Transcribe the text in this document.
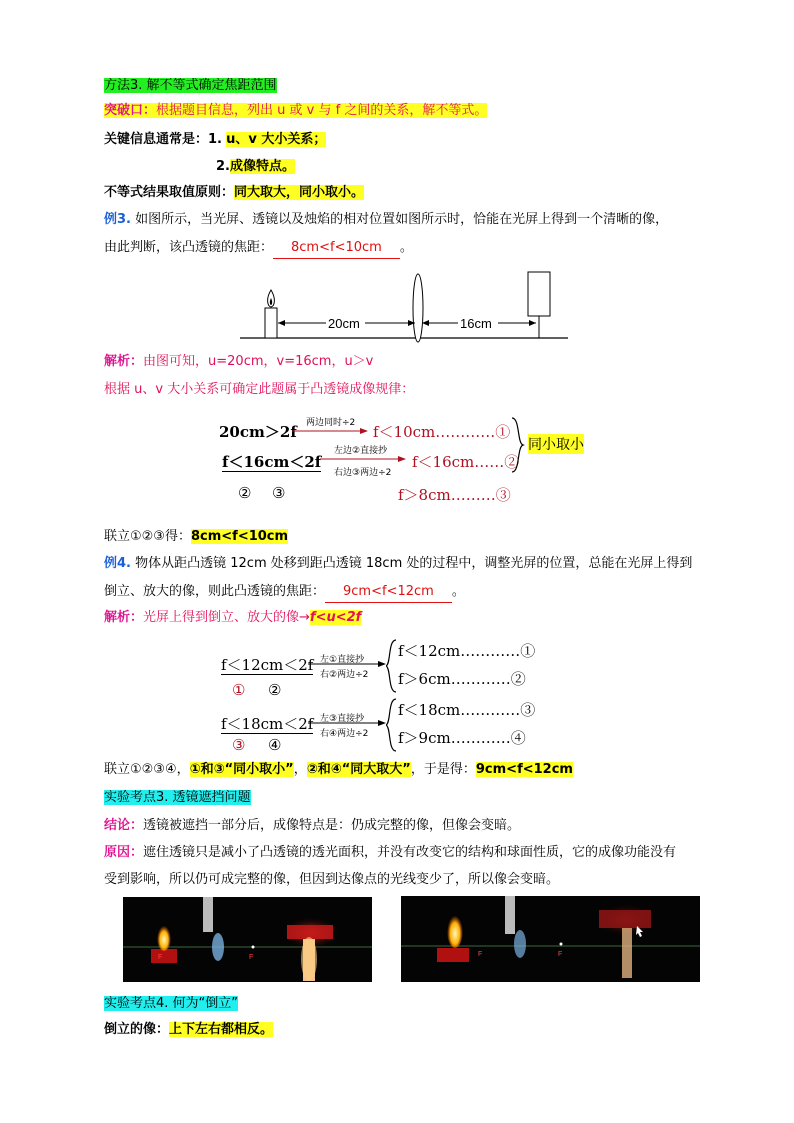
方法3. 解不等式确定焦距范围
突破口：根据题目信息，列出 u 或 v 与 f 之间的关系，解不等式。
关键信息通常是：1. u、v 大小关系；
2.成像特点。
不等式结果取值原则：同大取大，同小取小。
例3. 如图所示，当光屏、透镜以及烛焰的相对位置如图所示时，恰能在光屏上得到一个清晰的像，
由此判断，该凸透镜的焦距： 8cm<f<10cm 。
20cm	16cm
解析：由图可知，u=20cm，v=16cm，u＞v
根据 u、v 大小关系可确定此题属于凸透镜成像规律：
20cm＞2f 两边同时÷2 f＜10cm…………①
f＜16cm＜2f
左边②直接抄
右边③两边÷2
f＜16cm……②
② ③	f＞8cm………③
同小取小
联立①②③得：8cm<f<10cm
例4. 物体从距凸透镜 12cm 处移到距凸透镜 18cm 处的过程中，调整光屏的位置，总能在光屏上得到
倒立、放大的像，则此凸透镜的焦距： 9cm<f<12cm 。
解析：光屏上得到倒立、放大的像→f<u<2f
f＜12cm＜2f 左①直接抄
右②两边÷2
f＜12cm…………①
f＞6cm…………②
① ②
f＜18cm＜2f 左③直接抄
右④两边÷2
f＜18cm…………③
f＞9cm…………④
③ ④
联立①②③④，①和③“同小取小”，②和④“同大取大”，于是得：9cm<f<12cm
实验考点3. 透镜遮挡问题
结论：透镜被遮挡一部分后，成像特点是：仍成完整的像，但像会变暗。
原因：遮住透镜只是减小了凸透镜的透光面积，并没有改变它的结构和球面性质，它的成像功能没有
受到影响，所以仍可成完整的像，但因到达像点的光线变少了，所以像会变暗。
F	F	F	F
实验考点4. 何为“倒立”
倒立的像：上下左右都相反。
